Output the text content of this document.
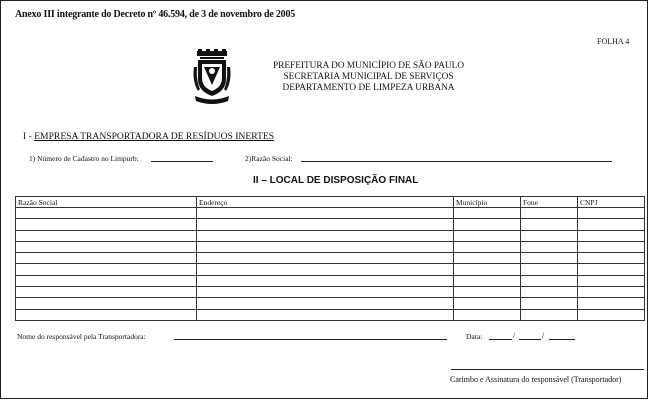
Anexo III integrante do Decreto nº 46.594, de 3 de novembro de 2005
FOLHA 4
PREFEITURA DO MUNICÍPIO DE SÃO PAULO
SECRETARIA MUNICIPAL DE SERVIÇOS
DEPARTAMENTO DE LIMPEZA URBANA
I - EMPRESA TRANSPORTADORA DE RESÍDUOS INERTES
1) Número de Cadastro no Limpurb:	2)Razão Social:
II – LOCAL DE DISPOSIÇÃO FINAL
Razão Social	Endereço	Município	Fone	CNPJ

Nome do responsável pela Transportadora:	Data:	/	/
Carimbo e Assinatura do responsável (Transportador)
